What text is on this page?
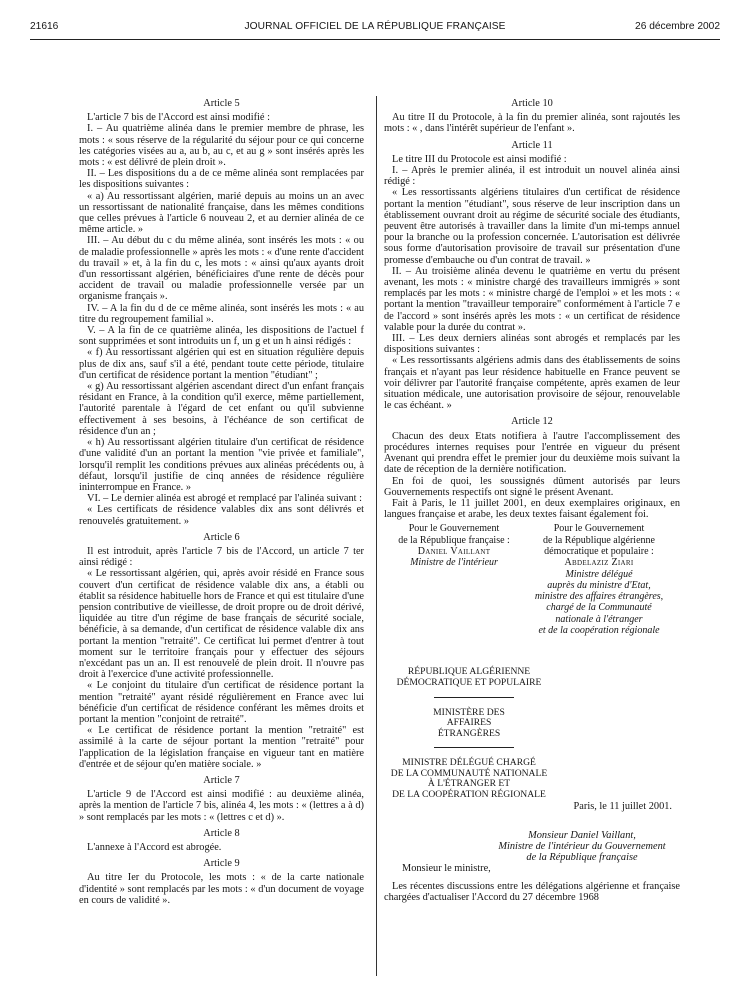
21616	JOURNAL OFFICIEL DE LA RÉPUBLIQUE FRANÇAISE	26 décembre 2002

Article 5

L'article 7 bis de l'Accord est ainsi modifié :

I. – Au quatrième alinéa dans le premier membre de phrase, les mots : « sous réserve de la régularité du séjour pour ce qui concerne les catégories visées au a, au b, au c, et au g » sont insérés après les mots : « est délivré de plein droit ».

II. – Les dispositions du a de ce même alinéa sont remplacées par les dispositions suivantes :

« a) Au ressortissant algérien, marié depuis au moins un an avec un ressortissant de nationalité française, dans les mêmes conditions que celles prévues à l'article 6 nouveau 2, et au dernier alinéa de ce même article. »

III. – Au début du c du même alinéa, sont insérés les mots : « ou de maladie professionnelle » après les mots : « d'une rente d'accident du travail » et, à la fin du c, les mots : « ainsi qu'aux ayants droit d'un ressortissant algérien, bénéficiaires d'une rente de décès pour accident de travail ou maladie professionnelle versée par un organisme français ».

IV. – A la fin du d de ce même alinéa, sont insérés les mots : « au titre du regroupement familial ».

V. – A la fin de ce quatrième alinéa, les dispositions de l'actuel f sont supprimées et sont introduits un f, un g et un h ainsi rédigés :

« f) Au ressortissant algérien qui est en situation régulière depuis plus de dix ans, sauf s'il a été, pendant toute cette période, titulaire d'un certificat de résidence portant la mention "étudiant" ;

« g) Au ressortissant algérien ascendant direct d'un enfant français résidant en France, à la condition qu'il exerce, même partiellement, l'autorité parentale à l'égard de cet enfant ou qu'il subvienne effectivement à ses besoins, à l'échéance de son certificat de résidence d'un an ;

« h) Au ressortissant algérien titulaire d'un certificat de résidence d'une validité d'un an portant la mention "vie privée et familiale", lorsqu'il remplit les conditions prévues aux alinéas précédents ou, à défaut, lorsqu'il justifie de cinq années de résidence régulière ininterrompue en France. »

VI. – Le dernier alinéa est abrogé et remplacé par l'alinéa suivant :

« Les certificats de résidence valables dix ans sont délivrés et renouvelés gratuitement. »

Article 6

Il est introduit, après l'article 7 bis de l'Accord, un article 7 ter ainsi rédigé :

« Le ressortissant algérien, qui, après avoir résidé en France sous couvert d'un certificat de résidence valable dix ans, a établi ou établit sa résidence habituelle hors de France et qui est titulaire d'une pension contributive de vieillesse, de droit propre ou de droit dérivé, liquidée au titre d'un régime de base français de sécurité sociale, bénéficie, à sa demande, d'un certificat de résidence valable dix ans portant la mention "retraité". Ce certificat lui permet d'entrer à tout moment sur le territoire français pour y effectuer des séjours n'excédant pas un an. Il est renouvelé de plein droit. Il n'ouvre pas droit à l'exercice d'une activité professionnelle.

« Le conjoint du titulaire d'un certificat de résidence portant la mention "retraité" ayant résidé régulièrement en France avec lui bénéficie d'un certificat de résidence conférant les mêmes droits et portant la mention "conjoint de retraité".

« Le certificat de résidence portant la mention "retraité" est assimilé à la carte de séjour portant la mention "retraité" pour l'application de la législation française en vigueur tant en matière d'entrée et de séjour qu'en matière sociale. »

Article 7

L'article 9 de l'Accord est ainsi modifié : au deuxième alinéa, après la mention de l'article 7 bis, alinéa 4, les mots : « (lettres a à d) » sont remplacés par les mots : « (lettres c et d) ».

Article 8

L'annexe à l'Accord est abrogée.

Article 9

Au titre Ier du Protocole, les mots : « de la carte nationale d'identité » sont remplacés par les mots : « d'un document de voyage en cours de validité ».

Article 10

Au titre II du Protocole, à la fin du premier alinéa, sont rajoutés les mots : « , dans l'intérêt supérieur de l'enfant ».

Article 11

Le titre III du Protocole est ainsi modifié :

I. – Après le premier alinéa, il est introduit un nouvel alinéa ainsi rédigé :

« Les ressortissants algériens titulaires d'un certificat de résidence portant la mention "étudiant", sous réserve de leur inscription dans un établissement ouvrant droit au régime de sécurité sociale des étudiants, peuvent être autorisés à travailler dans la limite d'un mi-temps annuel pour la branche ou la profession concernée. L'autorisation est délivrée sous forme d'autorisation provisoire de travail sur présentation d'une promesse d'embauche ou d'un contrat de travail. »

II. – Au troisième alinéa devenu le quatrième en vertu du présent avenant, les mots : « ministre chargé des travailleurs immigrés » sont remplacés par les mots : « ministre chargé de l'emploi » et les mots : « portant la mention "travailleur temporaire" conformément à l'article 7 e de l'accord » sont insérés après les mots : « un certificat de résidence valable pour la durée du contrat ».

III. – Les deux derniers alinéas sont abrogés et remplacés par les dispositions suivantes :

« Les ressortissants algériens admis dans des établissements de soins français et n'ayant pas leur résidence habituelle en France peuvent se voir délivrer par l'autorité française compétente, après examen de leur situation médicale, une autorisation provisoire de séjour, renouvelable le cas échéant. »

Article 12

Chacun des deux Etats notifiera à l'autre l'accomplissement des procédures internes requises pour l'entrée en vigueur du présent Avenant qui prendra effet le premier jour du deuxième mois suivant la date de réception de la dernière notification.

En foi de quoi, les soussignés dûment autorisés par leurs Gouvernements respectifs ont signé le présent Avenant.

Fait à Paris, le 11 juillet 2001, en deux exemplaires originaux, en langues française et arabe, les deux textes faisant également foi.

Pour le Gouvernement
de la République française :
Daniel Vaillant
Ministre de l'intérieur
Pour le Gouvernement
de la République algérienne
démocratique et populaire :
Abdelaziz Ziari
Ministre délégué
auprès du ministre d'Etat,
ministre des affaires étrangères,
chargé de la Communauté
nationale à l'étranger
et de la coopération régionale
RÉPUBLIQUE ALGÉRIENNE
DÉMOCRATIQUE ET POPULAIRE
MINISTÈRE DES AFFAIRES
ÉTRANGÈRES
MINISTRE DÉLÉGUÉ CHARGÉ
DE LA COMMUNAUTÉ NATIONALE
À L'ÉTRANGER ET
DE LA COOPÉRATION RÉGIONALE

Paris, le 11 juillet 2001.

Monsieur Daniel Vaillant,
Ministre de l'intérieur du Gouvernement
de la République française

Monsieur le ministre,

Les récentes discussions entre les délégations algérienne et française chargées d'actualiser l'Accord du 27 décembre 1968
